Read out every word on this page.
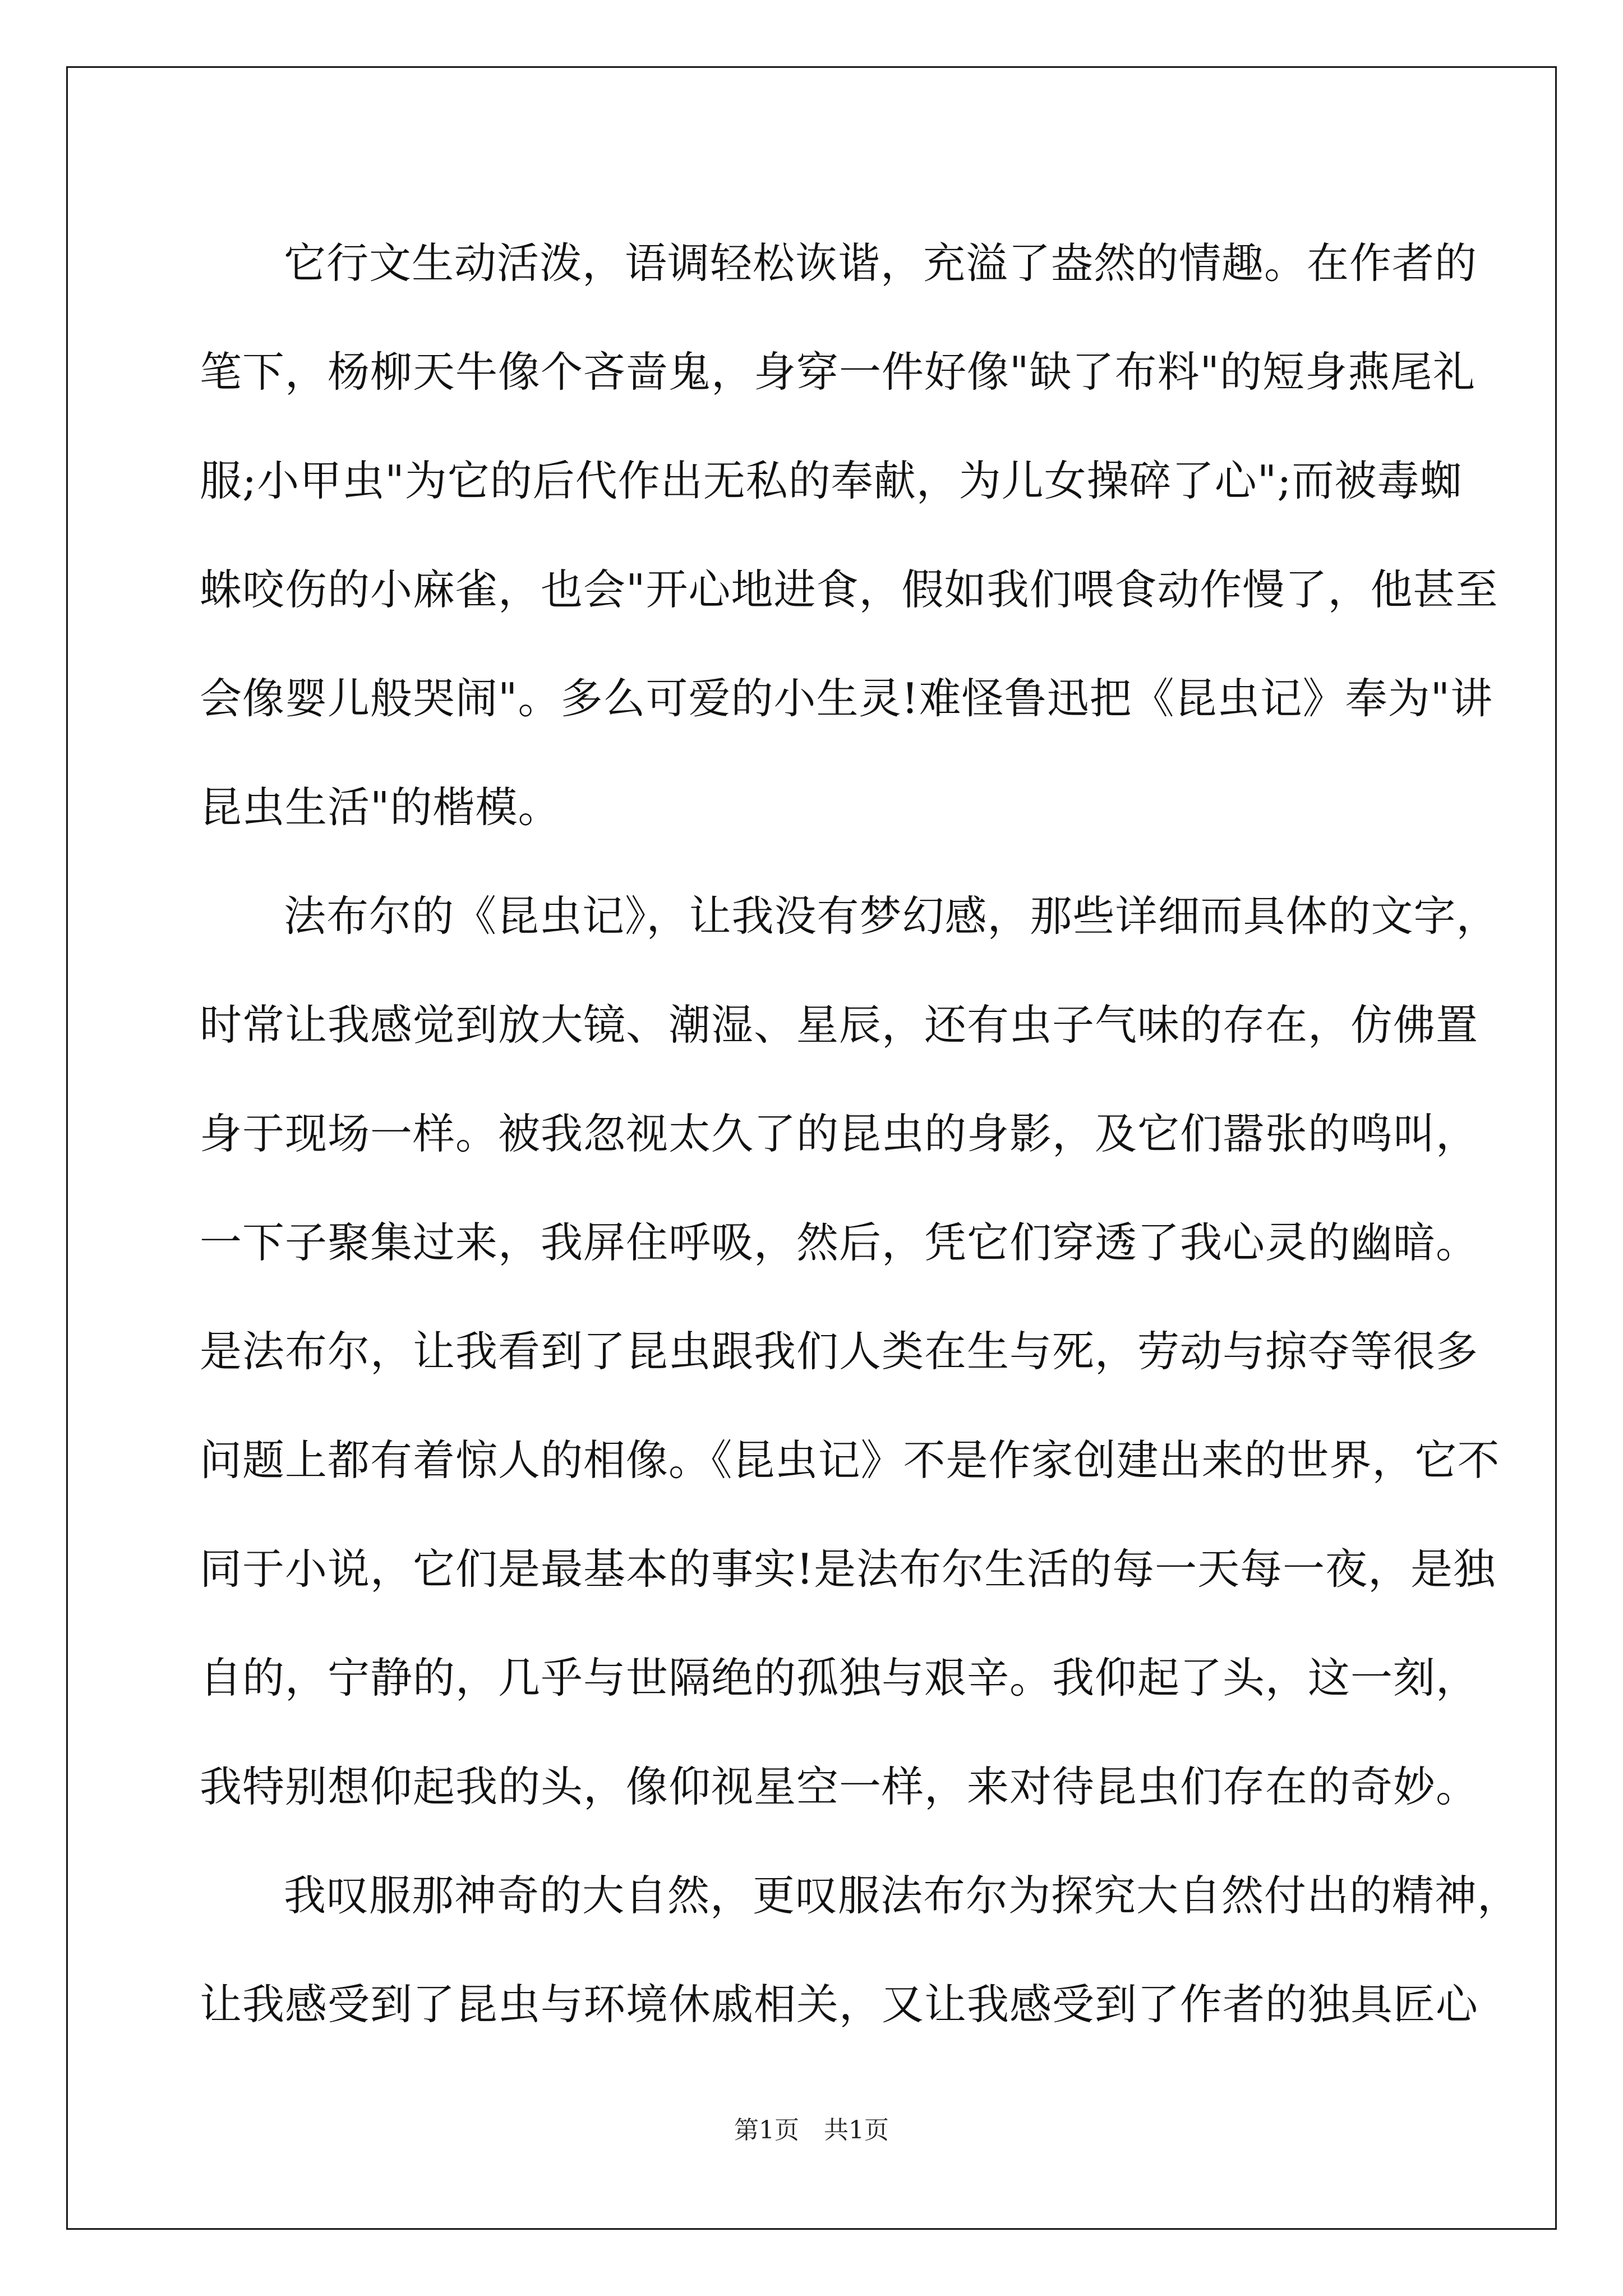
它行文生动活泼，语调轻松诙谐，充溢了盎然的情趣。在作者的
笔下，杨柳天牛像个吝啬鬼，身穿一件好像"缺了布料"的短身燕尾礼
服;小甲虫"为它的后代作出无私的奉献，为儿女操碎了心";而被毒蜘
蛛咬伤的小麻雀，也会"开心地进食，假如我们喂食动作慢了，他甚至
会像婴儿般哭闹"。多么可爱的小生灵!难怪鲁迅把《昆虫记》奉为"讲
昆虫生活"的楷模。
法布尔的《昆虫记》，让我没有梦幻感，那些详细而具体的文字，
时常让我感觉到放大镜、潮湿、星辰，还有虫子气味的存在，仿佛置
身于现场一样。被我忽视太久了的昆虫的身影，及它们嚣张的鸣叫，
一下子聚集过来，我屏住呼吸，然后，凭它们穿透了我心灵的幽暗。
是法布尔，让我看到了昆虫跟我们人类在生与死，劳动与掠夺等很多
问题上都有着惊人的相像。《昆虫记》不是作家创建出来的世界，它不
同于小说，它们是最基本的事实!是法布尔生活的每一天每一夜，是独
自的，宁静的，几乎与世隔绝的孤独与艰辛。我仰起了头，这一刻，
我特别想仰起我的头，像仰视星空一样，来对待昆虫们存在的奇妙。
我叹服那神奇的大自然，更叹服法布尔为探究大自然付出的精神，
让我感受到了昆虫与环境休戚相关，又让我感受到了作者的独具匠心
第1页　共1页
